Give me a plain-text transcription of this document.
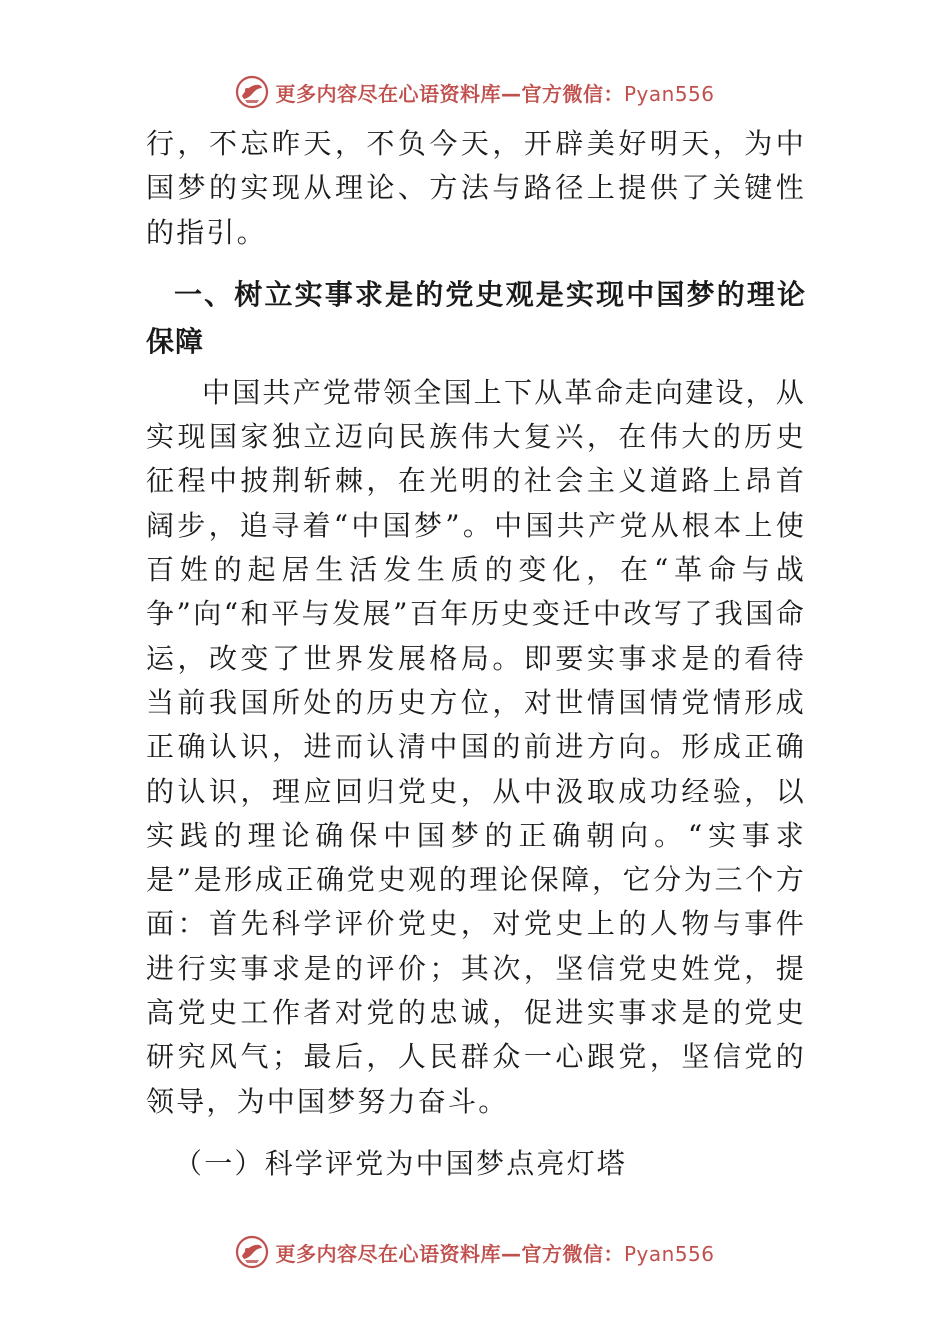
更多内容尽在心语资料库—官方微信：Pyan556

行，不忘昨天，不负今天，开辟美好明天，为中国梦的实现从理论、方法与路径上提供了关键性的指引。

一、树立实事求是的党史观是实现中国梦的理论保障

中国共产党带领全国上下从革命走向建设，从实现国家独立迈向民族伟大复兴，在伟大的历史征程中披荆斩棘，在光明的社会主义道路上昂首阔步，追寻着“中国梦”。中国共产党从根本上使百姓的起居生活发生质的变化，在“革命与战争”向“和平与发展”百年历史变迁中改写了我国命运，改变了世界发展格局。即要实事求是的看待当前我国所处的历史方位，对世情国情党情形成正确认识，进而认清中国的前进方向。形成正确的认识，理应回归党史，从中汲取成功经验，以实践的理论确保中国梦的正确朝向。“实事求是”是形成正确党史观的理论保障，它分为三个方面：首先科学评价党史，对党史上的人物与事件进行实事求是的评价；其次，坚信党史姓党，提高党史工作者对党的忠诚，促进实事求是的党史研究风气；最后，人民群众一心跟党，坚信党的领导，为中国梦努力奋斗。

（一）科学评党为中国梦点亮灯塔

更多内容尽在心语资料库—官方微信：Pyan556
